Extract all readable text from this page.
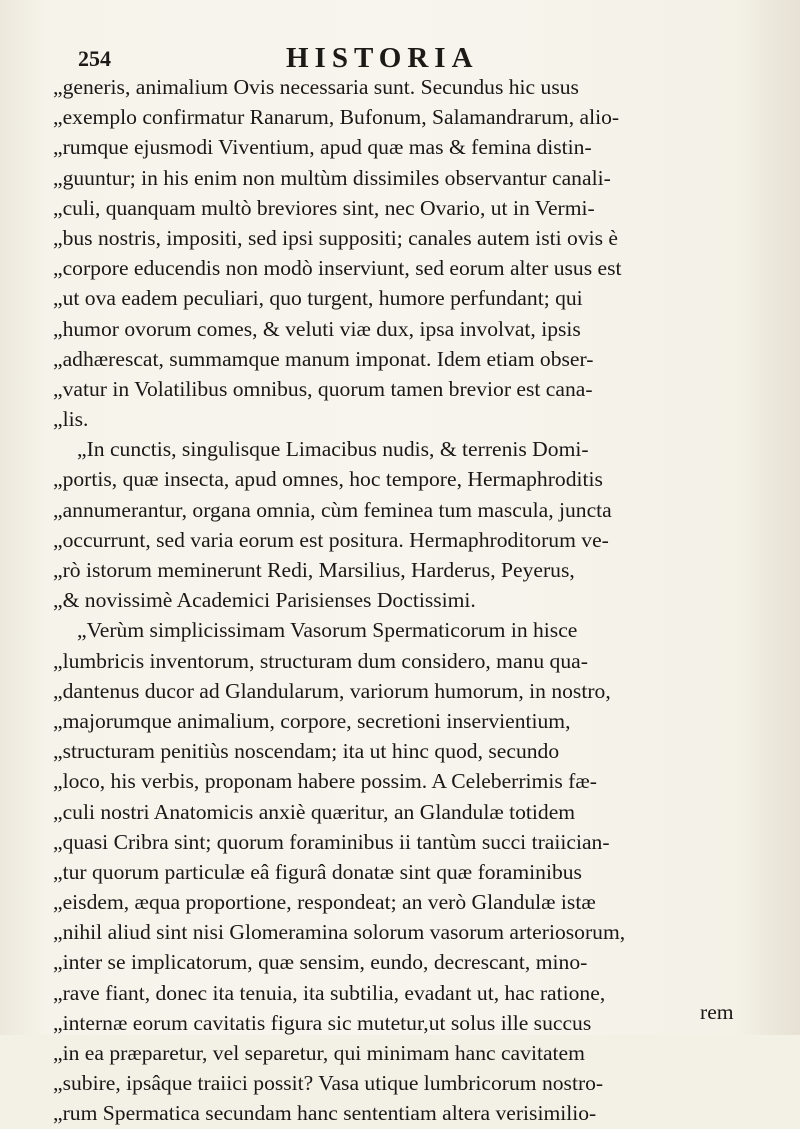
254	HISTORIA
„generis, animalium Ovis necessaria sunt. Secundus hic usus
„exemplo confirmatur Ranarum, Bufonum, Salamandrarum, alio-
„rumque ejusmodi Viventium, apud quæ mas & femina distin-
„guuntur; in his enim non multùm dissimiles observantur canali-
„culi, quanquam multò breviores sint, nec Ovario, ut in Vermi-
„bus nostris, impositi, sed ipsi suppositi; canales autem isti ovis è
„corpore educendis non modò inserviunt, sed eorum alter usus est
„ut ova eadem peculiari, quo turgent, humore perfundant; qui
„humor ovorum comes, & veluti viæ dux, ipsa involvat, ipsis
„adhærescat, summamque manum imponat. Idem etiam obser-
„vatur in Volatilibus omnibus, quorum tamen brevior est cana-
„lis.
„In cunctis, singulisque Limacibus nudis, & terrenis Domi-
„portis, quæ insecta, apud omnes, hoc tempore, Hermaphroditis
„annumerantur, organa omnia, cùm feminea tum mascula, juncta
„occurrunt, sed varia eorum est positura. Hermaphroditorum ve-
„rò istorum meminerunt Redi, Marsilius, Harderus, Peyerus,
„& novissimè Academici Parisienses Doctissimi.
„Verùm simplicissimam Vasorum Spermaticorum in hisce
„lumbricis inventorum, structuram dum considero, manu qua-
„dantenus ducor ad Glandularum, variorum humorum, in nostro,
„majorumque animalium, corpore, secretioni inservientium,
„structuram penitiùs noscendam; ita ut hinc quod, secundo
„loco, his verbis, proponam habere possim. A Celeberrimis fæ-
„culi nostri Anatomicis anxiè quæritur, an Glandulæ totidem
„quasi Cribra sint; quorum foraminibus ii tantùm succi traiician-
„tur quorum particulæ eâ figurâ donatæ sint quæ foraminibus
„eisdem, æqua proportione, respondeat; an verò Glandulæ istæ
„nihil aliud sint nisi Glomeramina solorum vasorum arteriosorum,
„inter se implicatorum, quæ sensim, eundo, decrescant, mino-
„rave fiant, donec ita tenuia, ita subtilia, evadant ut, hac ratione,
„internæ eorum cavitatis figura sic mutetur,ut solus ille succus
„in ea præparetur, vel separetur, qui minimam hanc cavitatem
„subire, ipsâque traiici possit? Vasa utique lumbricorum nostro-
„rum Spermatica secundam hanc sententiam altera verisimilio-
rem
